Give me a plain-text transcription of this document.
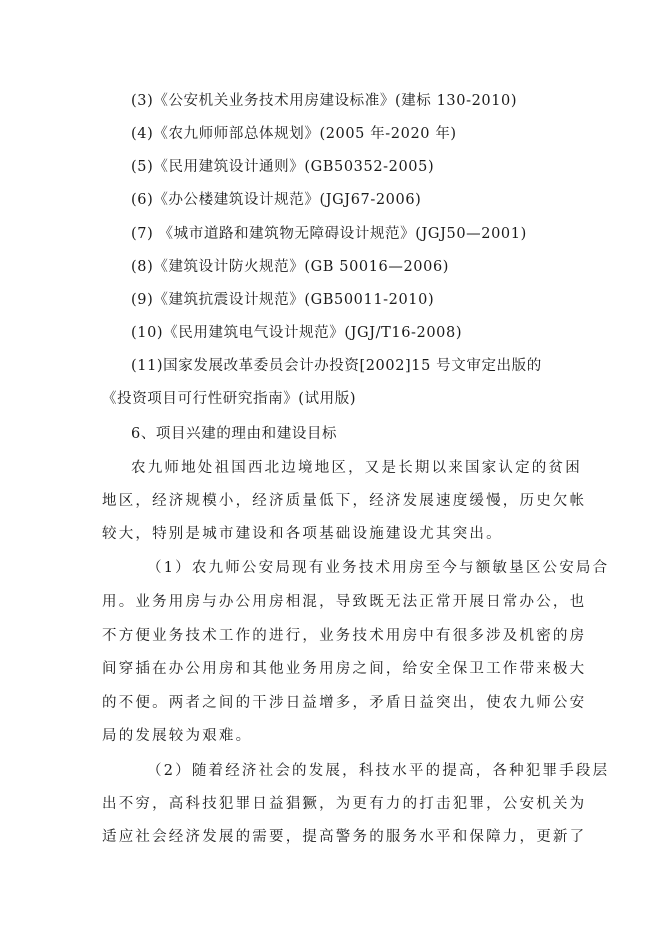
(3)《公安机关业务技术用房建设标准》(建标 130-2010)
(4)《农九师师部总体规划》(2005 年-2020 年)
(5)《民用建筑设计通则》(GB50352-2005)
(6)《办公楼建筑设计规范》(JGJ67-2006)
(7) 《城市道路和建筑物无障碍设计规范》(JGJ50—2001)
(8)《建筑设计防火规范》(GB 50016—2006)
(9)《建筑抗震设计规范》(GB50011-2010)
(10)《民用建筑电气设计规范》(JGJ/T16-2008)
(11)国家发展改革委员会计办投资[2002]15 号文审定出版的
《投资项目可行性研究指南》(试用版)
6、项目兴建的理由和建设目标
农九师地处祖国西北边境地区，又是长期以来国家认定的贫困
地区，经济规模小，经济质量低下，经济发展速度缓慢，历史欠帐
较大，特别是城市建设和各项基础设施建设尤其突出。
（1）农九师公安局现有业务技术用房至今与额敏垦区公安局合
用。业务用房与办公用房相混，导致既无法正常开展日常办公，也
不方便业务技术工作的进行，业务技术用房中有很多涉及机密的房
间穿插在办公用房和其他业务用房之间，给安全保卫工作带来极大
的不便。两者之间的干涉日益增多，矛盾日益突出，使农九师公安
局的发展较为艰难。
（2）随着经济社会的发展，科技水平的提高，各种犯罪手段层
出不穷，高科技犯罪日益猖獗，为更有力的打击犯罪，公安机关为
适应社会经济发展的需要，提高警务的服务水平和保障力，更新了
